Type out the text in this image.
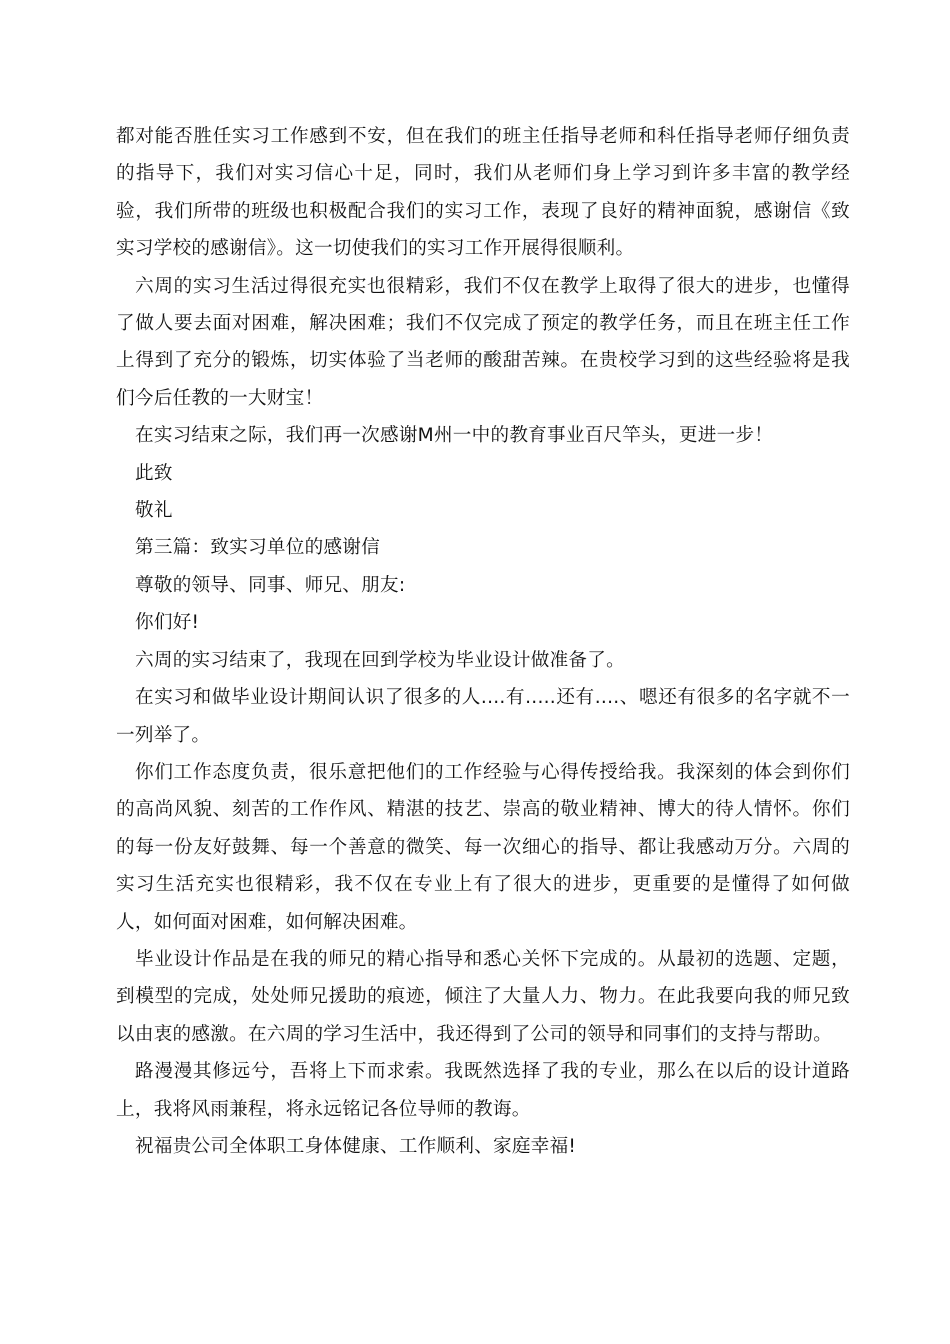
都对能否胜任实习工作感到不安，但在我们的班主任指导老师和科任指导老师仔细负责的指导下，我们对实习信心十足，同时，我们从老师们身上学习到许多丰富的教学经验，我们所带的班级也积极配合我们的实习工作，表现了良好的精神面貌，感谢信《致实习学校的感谢信》。这一切使我们的实习工作开展得很顺利。

六周的实习生活过得很充实也很精彩，我们不仅在教学上取得了很大的进步，也懂得了做人要去面对困难，解决困难；我们不仅完成了预定的教学任务，而且在班主任工作上得到了充分的锻炼，切实体验了当老师的酸甜苦辣。在贵校学习到的这些经验将是我们今后任教的一大财宝！

在实习结束之际，我们再一次感谢M州一中的教育事业百尺竿头，更进一步！

此致

敬礼

第三篇：致实习单位的感谢信

尊敬的领导、同事、师兄、朋友:

你们好!

六周的实习结束了，我现在回到学校为毕业设计做准备了。

在实习和做毕业设计期间认识了很多的人....有.....还有....、嗯还有很多的名字就不一一列举了。

你们工作态度负责，很乐意把他们的工作经验与心得传授给我。我深刻的体会到你们的高尚风貌、刻苦的工作作风、精湛的技艺、崇高的敬业精神、博大的待人情怀。你们的每一份友好鼓舞、每一个善意的微笑、每一次细心的指导、都让我感动万分。六周的实习生活充实也很精彩，我不仅在专业上有了很大的进步，更重要的是懂得了如何做人，如何面对困难，如何解决困难。

毕业设计作品是在我的师兄的精心指导和悉心关怀下完成的。从最初的选题、定题，到模型的完成，处处师兄援助的痕迹，倾注了大量人力、物力。在此我要向我的师兄致以由衷的感激。在六周的学习生活中，我还得到了公司的领导和同事们的支持与帮助。

路漫漫其修远兮，吾将上下而求索。我既然选择了我的专业，那么在以后的设计道路上，我将风雨兼程，将永远铭记各位导师的教诲。

祝福贵公司全体职工身体健康、工作顺利、家庭幸福!
